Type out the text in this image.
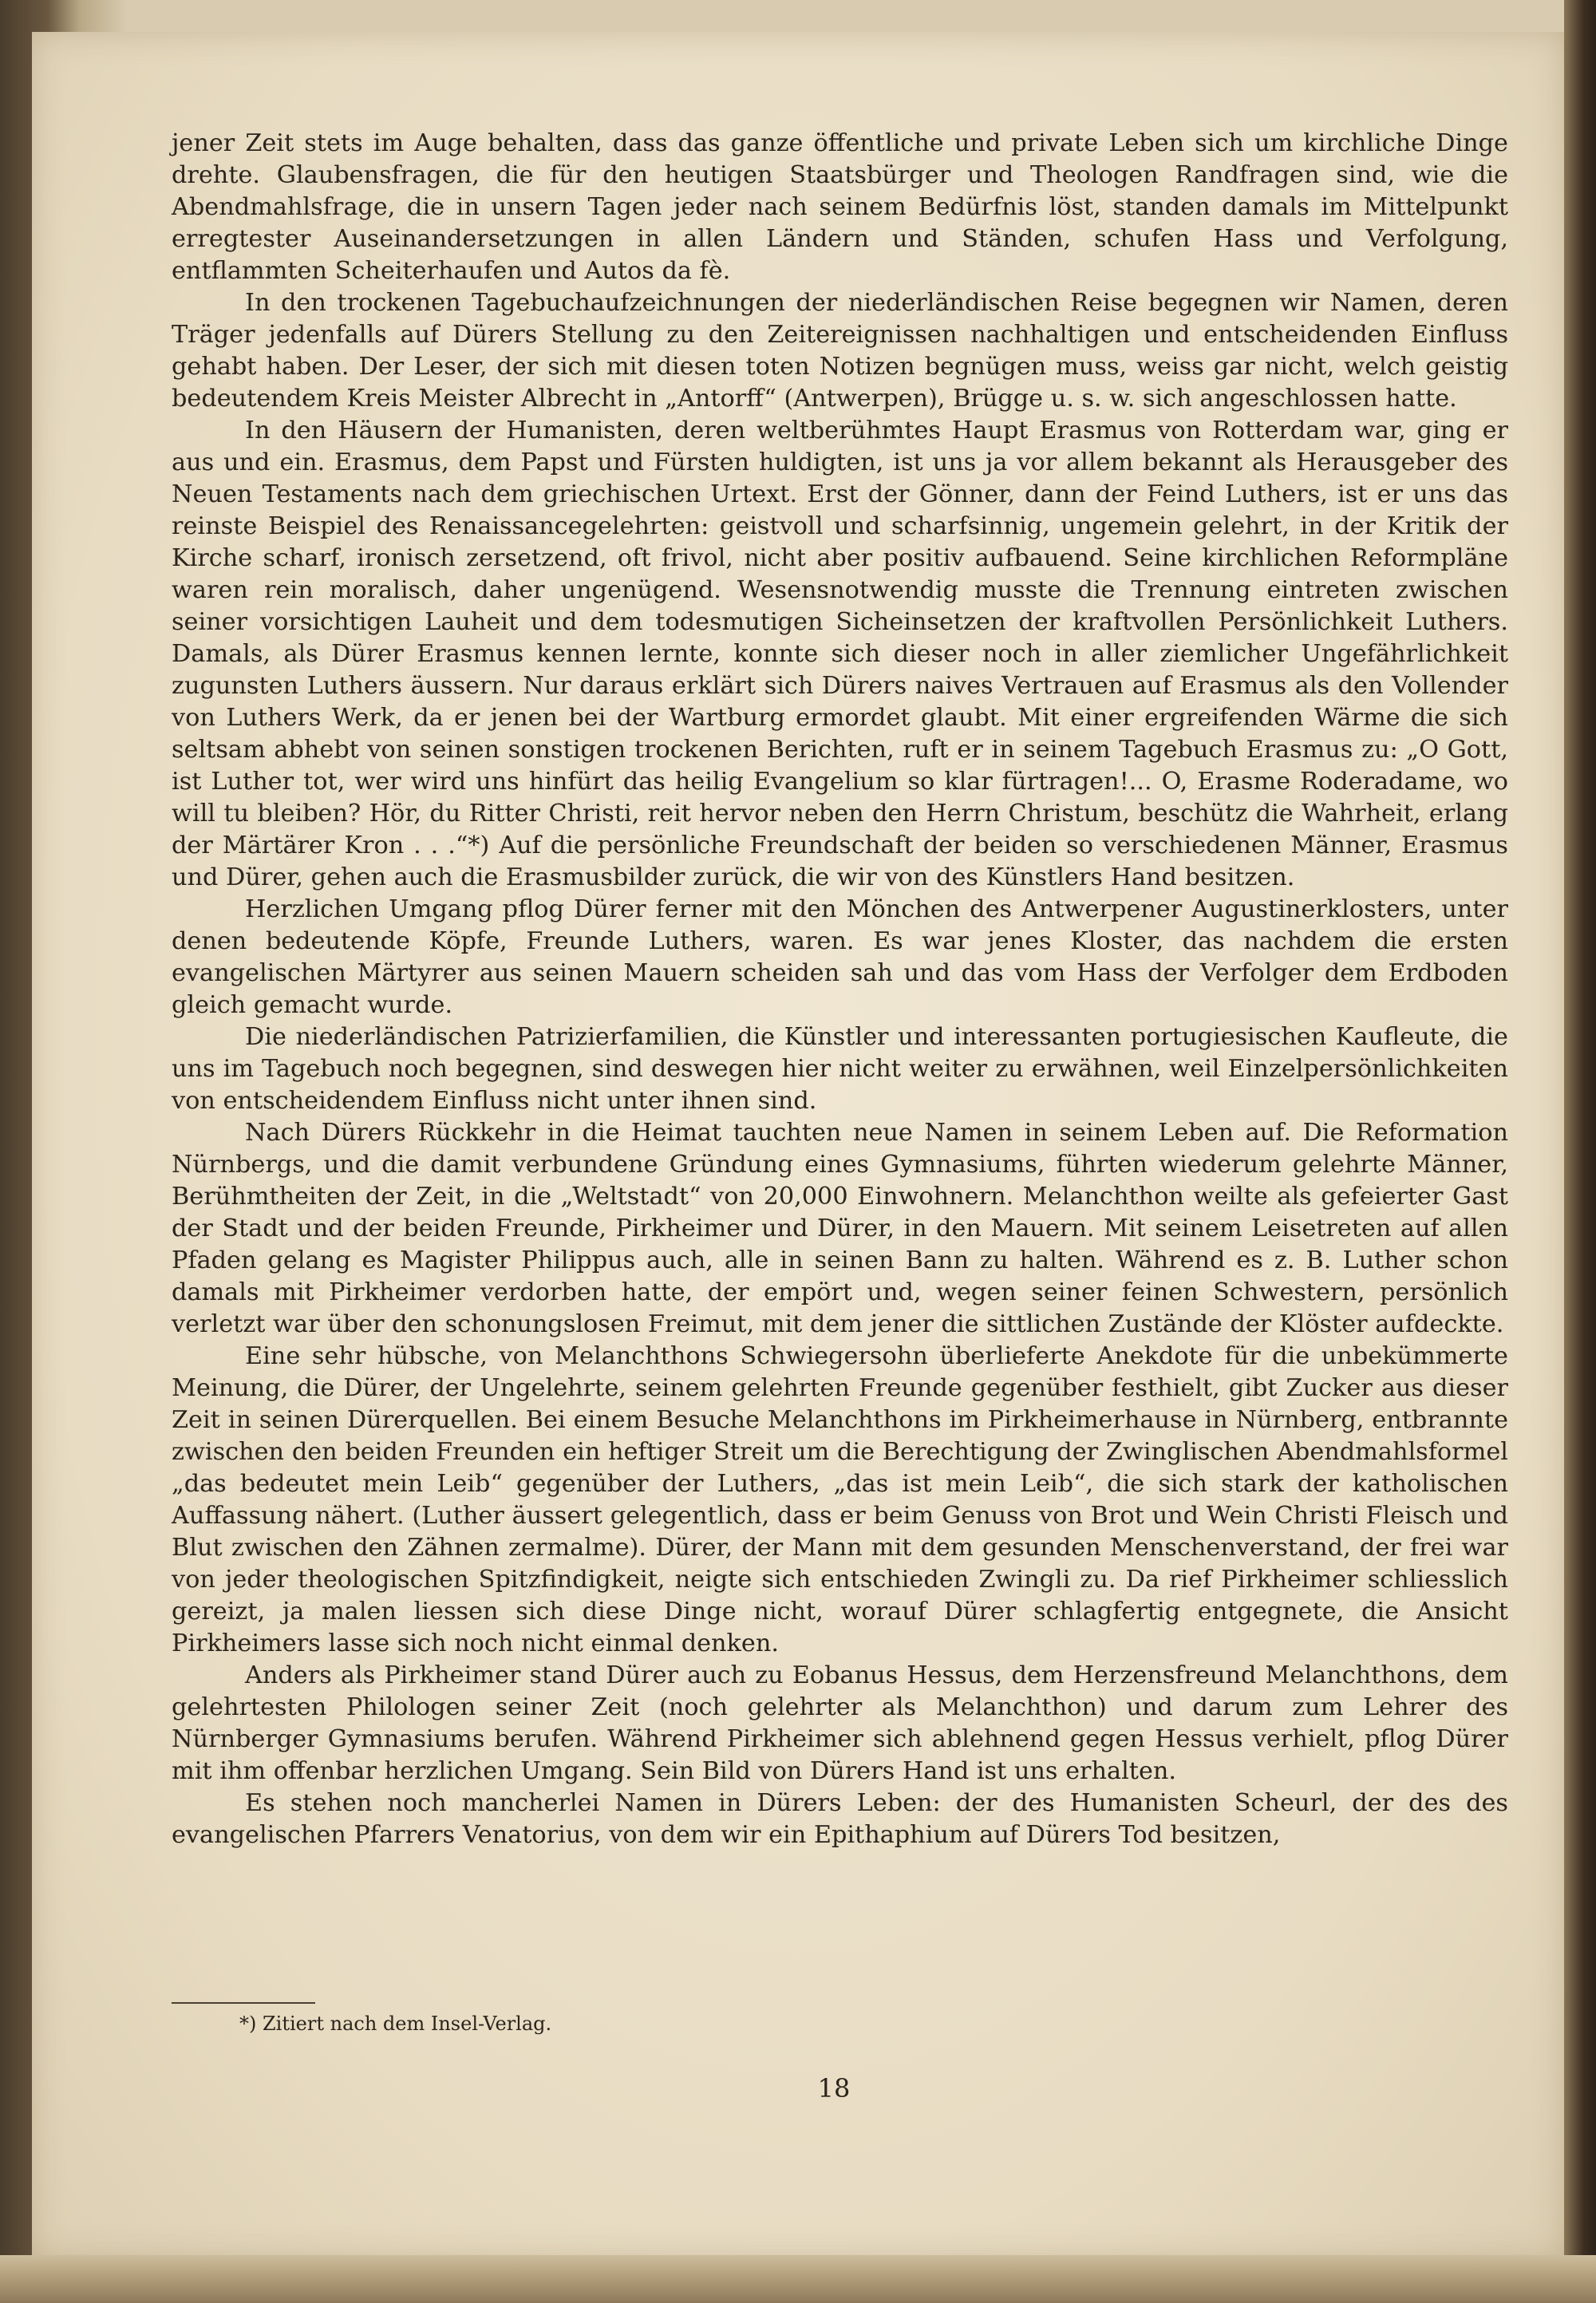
jener Zeit stets im Auge behalten, dass das ganze öffentliche und private Leben sich um kirchliche Dinge drehte. Glaubensfragen, die für den heutigen Staatsbürger und Theologen Randfragen sind, wie die Abendmahlsfrage, die in unsern Tagen jeder nach seinem Bedürfnis löst, standen damals im Mittelpunkt erregtester Auseinandersetzungen in allen Ländern und Ständen, schufen Hass und Verfolgung, entflammten Scheiterhaufen und Autos da fè.

In den trockenen Tagebuchaufzeichnungen der niederländischen Reise begegnen wir Namen, deren Träger jedenfalls auf Dürers Stellung zu den Zeitereignissen nachhaltigen und entscheidenden Einfluss gehabt haben. Der Leser, der sich mit diesen toten Notizen begnügen muss, weiss gar nicht, welch geistig bedeutendem Kreis Meister Albrecht in „Antorff“ (Antwerpen), Brügge u. s. w. sich angeschlossen hatte.

In den Häusern der Humanisten, deren weltberühmtes Haupt Erasmus von Rotterdam war, ging er aus und ein. Erasmus, dem Papst und Fürsten huldigten, ist uns ja vor allem bekannt als Herausgeber des Neuen Testaments nach dem griechischen Urtext. Erst der Gönner, dann der Feind Luthers, ist er uns das reinste Beispiel des Renaissancegelehrten: geistvoll und scharfsinnig, ungemein gelehrt, in der Kritik der Kirche scharf, ironisch zersetzend, oft frivol, nicht aber positiv aufbauend. Seine kirchlichen Reformpläne waren rein moralisch, daher ungenügend. Wesensnotwendig musste die Trennung eintreten zwischen seiner vorsichtigen Lauheit und dem todesmutigen Sicheinsetzen der kraftvollen Persönlichkeit Luthers. Damals, als Dürer Erasmus kennen lernte, konnte sich dieser noch in aller ziemlicher Ungefährlichkeit zugunsten Luthers äussern. Nur daraus erklärt sich Dürers naives Vertrauen auf Erasmus als den Vollender von Luthers Werk, da er jenen bei der Wartburg ermordet glaubt. Mit einer ergreifenden Wärme die sich seltsam abhebt von seinen sonstigen trockenen Berichten, ruft er in seinem Tagebuch Erasmus zu: „O Gott, ist Luther tot, wer wird uns hinfürt das heilig Evangelium so klar fürtragen!... O, Erasme Roderadame, wo will tu bleiben? Hör, du Ritter Christi, reit hervor neben den Herrn Christum, beschütz die Wahrheit, erlang der Märtärer Kron . . .“*) Auf die persönliche Freundschaft der beiden so verschiedenen Männer, Erasmus und Dürer, gehen auch die Erasmusbilder zurück, die wir von des Künstlers Hand besitzen.

Herzlichen Umgang pflog Dürer ferner mit den Mönchen des Antwerpener Augustinerklosters, unter denen bedeutende Köpfe, Freunde Luthers, waren. Es war jenes Kloster, das nachdem die ersten evangelischen Märtyrer aus seinen Mauern scheiden sah und das vom Hass der Verfolger dem Erdboden gleich gemacht wurde.

Die niederländischen Patrizierfamilien, die Künstler und interessanten portugiesischen Kaufleute, die uns im Tagebuch noch begegnen, sind deswegen hier nicht weiter zu erwähnen, weil Einzelpersönlichkeiten von entscheidendem Einfluss nicht unter ihnen sind.

Nach Dürers Rückkehr in die Heimat tauchten neue Namen in seinem Leben auf. Die Reformation Nürnbergs, und die damit verbundene Gründung eines Gymnasiums, führten wiederum gelehrte Männer, Berühmtheiten der Zeit, in die „Weltstadt“ von 20,000 Einwohnern. Melanchthon weilte als gefeierter Gast der Stadt und der beiden Freunde, Pirkheimer und Dürer, in den Mauern. Mit seinem Leisetreten auf allen Pfaden gelang es Magister Philippus auch, alle in seinen Bann zu halten. Während es z. B. Luther schon damals mit Pirkheimer verdorben hatte, der empört und, wegen seiner feinen Schwestern, persönlich verletzt war über den schonungslosen Freimut, mit dem jener die sittlichen Zustände der Klöster aufdeckte.

Eine sehr hübsche, von Melanchthons Schwiegersohn überlieferte Anekdote für die unbekümmerte Meinung, die Dürer, der Ungelehrte, seinem gelehrten Freunde gegenüber festhielt, gibt Zucker aus dieser Zeit in seinen Dürerquellen. Bei einem Besuche Melanchthons im Pirkheimerhause in Nürnberg, entbrannte zwischen den beiden Freunden ein heftiger Streit um die Berechtigung der Zwinglischen Abendmahlsformel „das bedeutet mein Leib“ gegenüber der Luthers, „das ist mein Leib“, die sich stark der katholischen Auffassung nähert. (Luther äussert gelegentlich, dass er beim Genuss von Brot und Wein Christi Fleisch und Blut zwischen den Zähnen zermalme). Dürer, der Mann mit dem gesunden Menschenverstand, der frei war von jeder theologischen Spitzfindigkeit, neigte sich entschieden Zwingli zu. Da rief Pirkheimer schliesslich gereizt, ja malen liessen sich diese Dinge nicht, worauf Dürer schlagfertig entgegnete, die Ansicht Pirkheimers lasse sich noch nicht einmal denken.

Anders als Pirkheimer stand Dürer auch zu Eobanus Hessus, dem Herzensfreund Melanchthons, dem gelehrtesten Philologen seiner Zeit (noch gelehrter als Melanchthon) und darum zum Lehrer des Nürnberger Gymnasiums berufen. Während Pirkheimer sich ablehnend gegen Hessus verhielt, pflog Dürer mit ihm offenbar herzlichen Umgang. Sein Bild von Dürers Hand ist uns erhalten.

Es stehen noch mancherlei Namen in Dürers Leben: der des Humanisten Scheurl, der des des evangelischen Pfarrers Venatorius, von dem wir ein Epithaphium auf Dürers Tod besitzen,

*) Zitiert nach dem Insel-Verlag.
18
